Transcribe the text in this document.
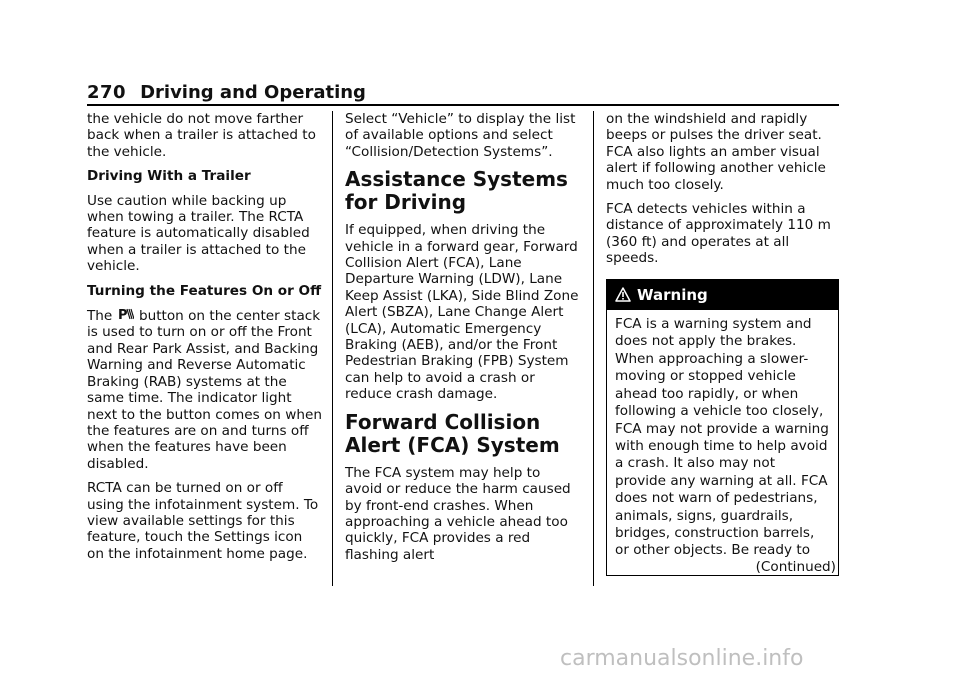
270 Driving and Operating

the vehicle do not move farther back when a trailer is attached to the vehicle.

Driving With a Trailer

Use caution while backing up when towing a trailer. The RCTA feature is automatically disabled when a trailer is attached to the vehicle.

Turning the Features On or Off

The P button on the center stack is used to turn on or off the Front and Rear Park Assist, and Backing Warning and Reverse Automatic Braking (RAB) systems at the same time. The indicator light next to the button comes on when the features are on and turns off when the features have been disabled.

RCTA can be turned on or off using the infotainment system. To view available settings for this feature, touch the Settings icon on the infotainment home page.

Select “Vehicle” to display the list of available options and select “Collision/Detection Systems”.

Assistance Systems for Driving

If equipped, when driving the vehicle in a forward gear, Forward Collision Alert (FCA), Lane Departure Warning (LDW), Lane Keep Assist (LKA), Side Blind Zone Alert (SBZA), Lane Change Alert (LCA), Automatic Emergency Braking (AEB), and/or the Front Pedestrian Braking (FPB) System can help to avoid a crash or reduce crash damage.

Forward Collision Alert (FCA) System

The FCA system may help to avoid or reduce the harm caused by front-end crashes. When approaching a vehicle ahead too quickly, FCA provides a red flashing alert

on the windshield and rapidly beeps or pulses the driver seat. FCA also lights an amber visual alert if following another vehicle much too closely.

FCA detects vehicles within a distance of approximately 110 m (360 ft) and operates at all speeds.

Warning
FCA is a warning system and does not apply the brakes. When approaching a slower-moving or stopped vehicle ahead too rapidly, or when following a vehicle too closely, FCA may not provide a warning with enough time to help avoid a crash. It also may not provide any warning at all. FCA does not warn of pedestrians, animals, signs, guardrails, bridges, construction barrels, or other objects. Be ready to
(Continued)
carmanualsonline.info
